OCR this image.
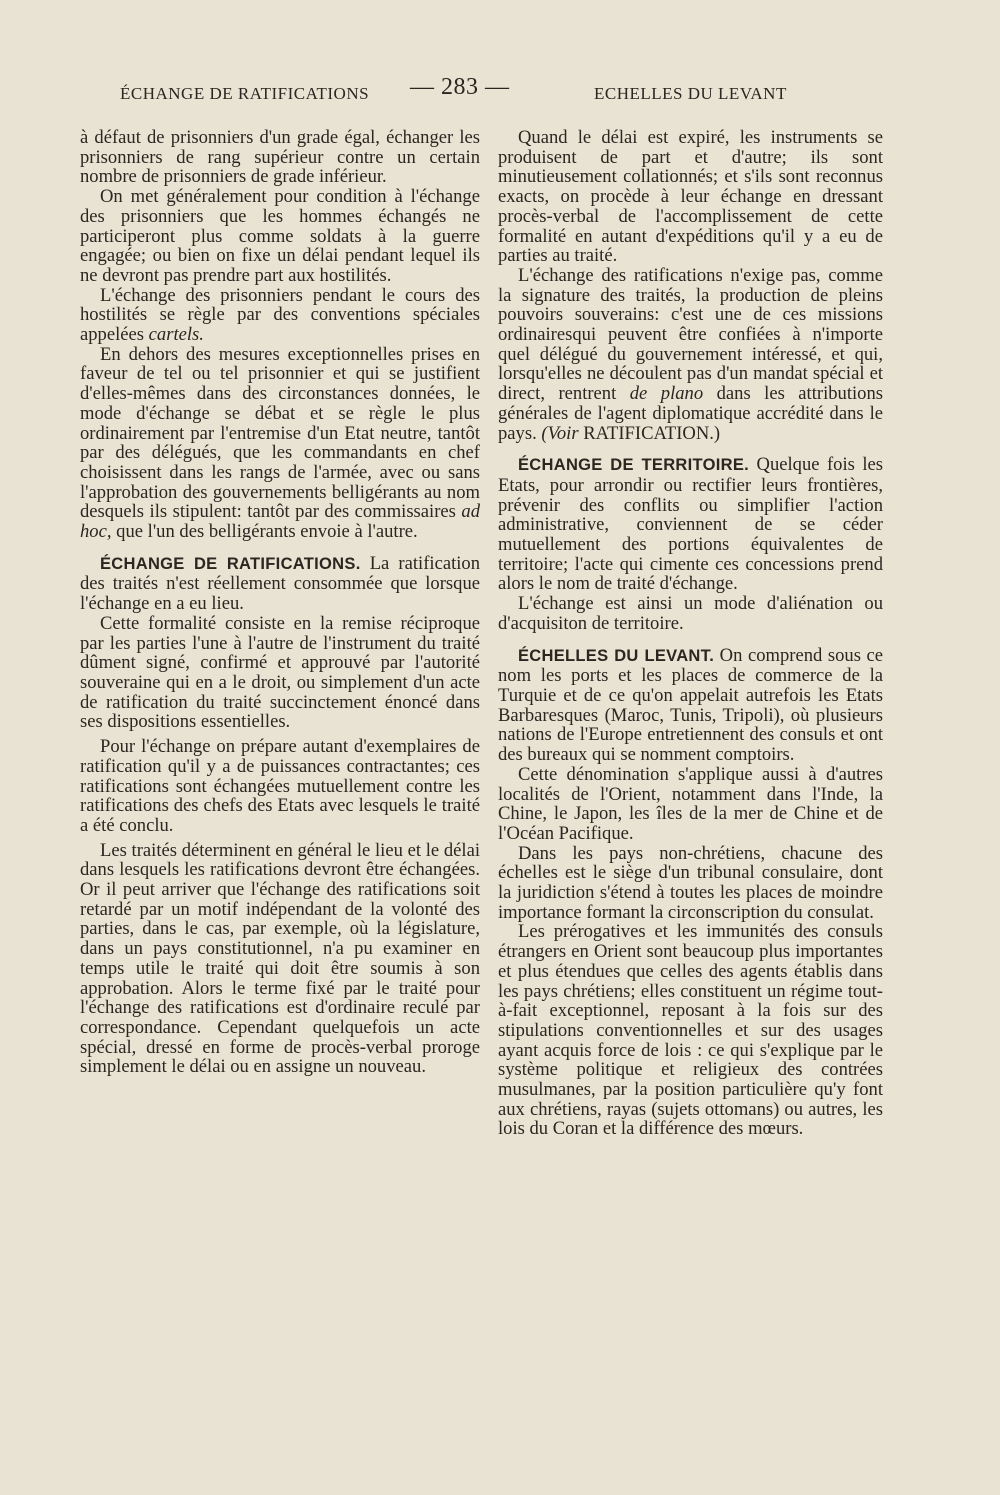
ÉCHANGE DE RATIFICATIONS — 283 —	ECHELLES DU LEVANT

à défaut de prisonniers d'un grade égal, échanger les prisonniers de rang supérieur contre un certain nombre de prisonniers de grade inférieur.

On met généralement pour condition à l'échange des prisonniers que les hommes échangés ne participeront plus comme soldats à la guerre engagée; ou bien on fixe un délai pendant lequel ils ne devront pas prendre part aux hostilités.

L'échange des prisonniers pendant le cours des hostilités se règle par des conventions spéciales appelées cartels.

En dehors des mesures exceptionnelles prises en faveur de tel ou tel prisonnier et qui se justifient d'elles-mêmes dans des circonstances données, le mode d'échange se débat et se règle le plus ordinairement par l'entremise d'un Etat neutre, tantôt par des délégués, que les commandants en chef choisissent dans les rangs de l'armée, avec ou sans l'approbation des gouvernements belligérants au nom desquels ils stipulent: tantôt par des commissaires ad hoc, que l'un des belligérants envoie à l'autre.

ÉCHANGE DE RATIFICATIONS. La ratification des traités n'est réellement consommée que lorsque l'échange en a eu lieu.

Cette formalité consiste en la remise réciproque par les parties l'une à l'autre de l'instrument du traité dûment signé, confirmé et approuvé par l'autorité souveraine qui en a le droit, ou simplement d'un acte de ratification du traité succinctement énoncé dans ses dispositions essentielles.

Pour l'échange on prépare autant d'exemplaires de ratification qu'il y a de puissances contractantes; ces ratifications sont échangées mutuellement contre les ratifications des chefs des Etats avec lesquels le traité a été conclu.

Les traités déterminent en général le lieu et le délai dans lesquels les ratifications devront être échangées. Or il peut arriver que l'échange des ratifications soit retardé par un motif indépendant de la volonté des parties, dans le cas, par exemple, où la législature, dans un pays constitutionnel, n'a pu examiner en temps utile le traité qui doit être soumis à son approbation. Alors le terme fixé par le traité pour l'échange des ratifications est d'ordinaire reculé par correspondance. Cependant quelquefois un acte spécial, dressé en forme de procès-verbal proroge simplement le délai ou en assigne un nouveau.

Quand le délai est expiré, les instruments se produisent de part et d'autre; ils sont minutieusement collationnés; et s'ils sont reconnus exacts, on procède à leur échange en dressant procès-verbal de l'accomplissement de cette formalité en autant d'expéditions qu'il y a eu de parties au traité.

L'échange des ratifications n'exige pas, comme la signature des traités, la production de pleins pouvoirs souverains: c'est une de ces missions ordinairesqui peuvent être confiées à n'importe quel délégué du gouvernement intéressé, et qui, lorsqu'elles ne découlent pas d'un mandat spécial et direct, rentrent de plano dans les attributions générales de l'agent diplomatique accrédité dans le pays. (Voir RATIFICATION.)

ÉCHANGE DE TERRITOIRE. Quelque fois les Etats, pour arrondir ou rectifier leurs frontières, prévenir des conflits ou simplifier l'action administrative, conviennent de se céder mutuellement des portions équivalentes de territoire; l'acte qui cimente ces concessions prend alors le nom de traité d'échange.

L'échange est ainsi un mode d'aliénation ou d'acquisiton de territoire.

ÉCHELLES DU LEVANT. On comprend sous ce nom les ports et les places de commerce de la Turquie et de ce qu'on appelait autrefois les Etats Barbaresques (Maroc, Tunis, Tripoli), où plusieurs nations de l'Europe entretiennent des consuls et ont des bureaux qui se nomment comptoirs.

Cette dénomination s'applique aussi à d'autres localités de l'Orient, notamment dans l'Inde, la Chine, le Japon, les îles de la mer de Chine et de l'Océan Pacifique.

Dans les pays non-chrétiens, chacune des échelles est le siège d'un tribunal consulaire, dont la juridiction s'étend à toutes les places de moindre importance formant la circonscription du consulat.

Les prérogatives et les immunités des consuls étrangers en Orient sont beaucoup plus importantes et plus étendues que celles des agents établis dans les pays chrétiens; elles constituent un régime tout-à-fait exceptionnel, reposant à la fois sur des stipulations conventionnelles et sur des usages ayant acquis force de lois : ce qui s'explique par le système politique et religieux des contrées musulmanes, par la position particulière qu'y font aux chrétiens, rayas (sujets ottomans) ou autres, les lois du Coran et la différence des mœurs.
